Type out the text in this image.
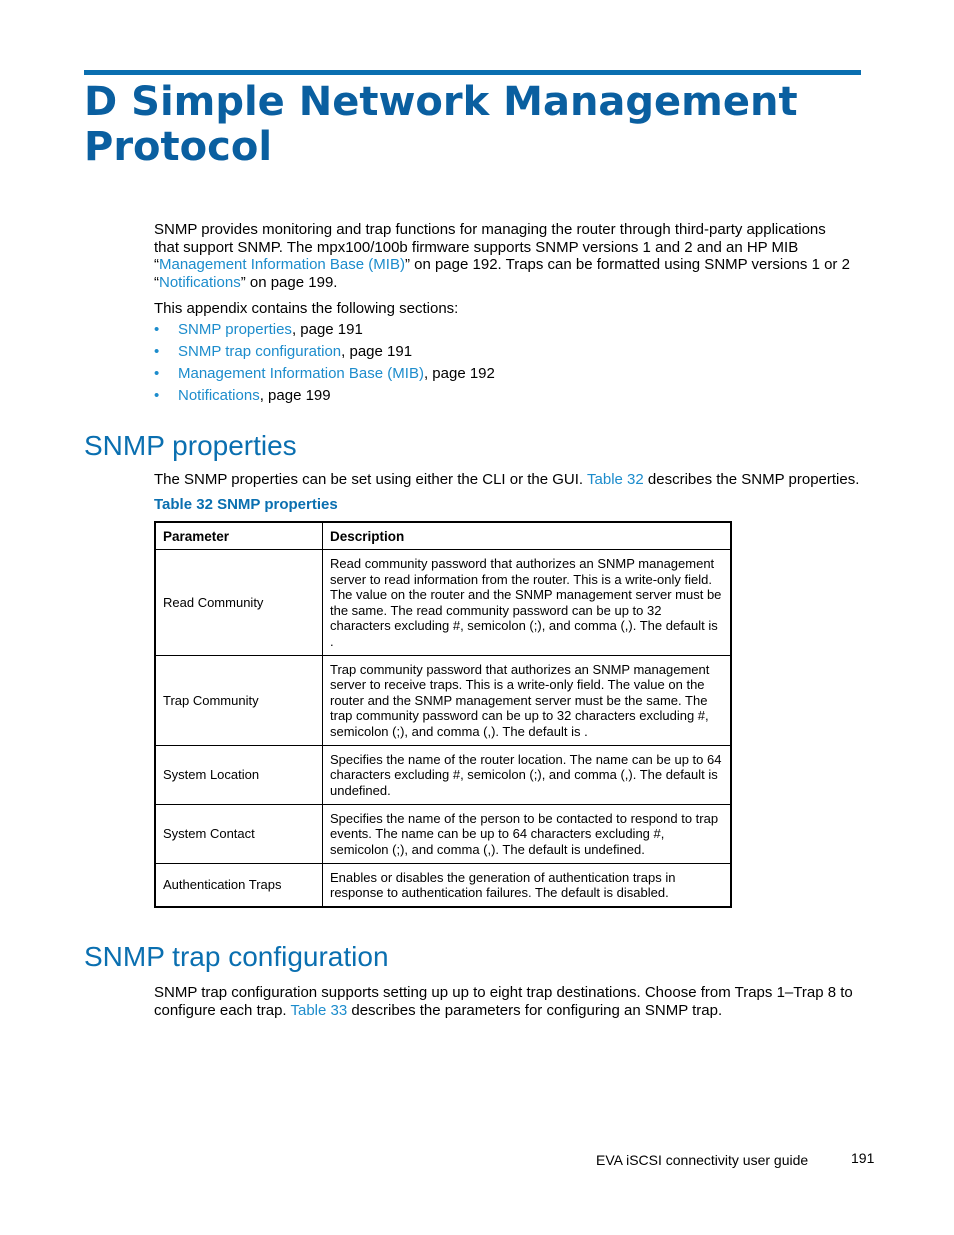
D Simple Network Management Protocol

SNMP provides monitoring and trap functions for managing the router through third-party applications that support SNMP. The mpx100/100b firmware supports SNMP versions 1 and 2 and an HP MIB “Management Information Base (MIB)” on page 192. Traps can be formatted using SNMP versions 1 or 2 “Notifications” on page 199.

This appendix contains the following sections:

• SNMP properties, page 191
• SNMP trap configuration, page 191
• Management Information Base (MIB), page 192
• Notifications, page 199
SNMP properties

The SNMP properties can be set using either the CLI or the GUI. Table 32 describes the SNMP properties.

Table 32 SNMP properties

Parameter	Description
Read Community	Read community password that authorizes an SNMP management server to read information from the router. This is a write-only field. The value on the router and the SNMP management server must be the same. The read community password can be up to 32 characters excluding #, semicolon (;), and comma (,). The default is .
Trap Community	Trap community password that authorizes an SNMP management server to receive traps. This is a write-only field. The value on the router and the SNMP management server must be the same. The trap community password can be up to 32 characters excluding #, semicolon (;), and comma (,). The default is .
System Location	Specifies the name of the router location. The name can be up to 64 characters excluding #, semicolon (;), and comma (,). The default is undefined.
System Contact	Specifies the name of the person to be contacted to respond to trap events. The name can be up to 64 characters excluding #, semicolon (;), and comma (,). The default is undefined.
Authentication Traps	Enables or disables the generation of authentication traps in response to authentication failures. The default is disabled.
SNMP trap configuration

SNMP trap configuration supports setting up up to eight trap destinations. Choose from Traps 1–Trap 8 to configure each trap. Table 33 describes the parameters for configuring an SNMP trap.

EVA iSCSI connectivity user guide	191
